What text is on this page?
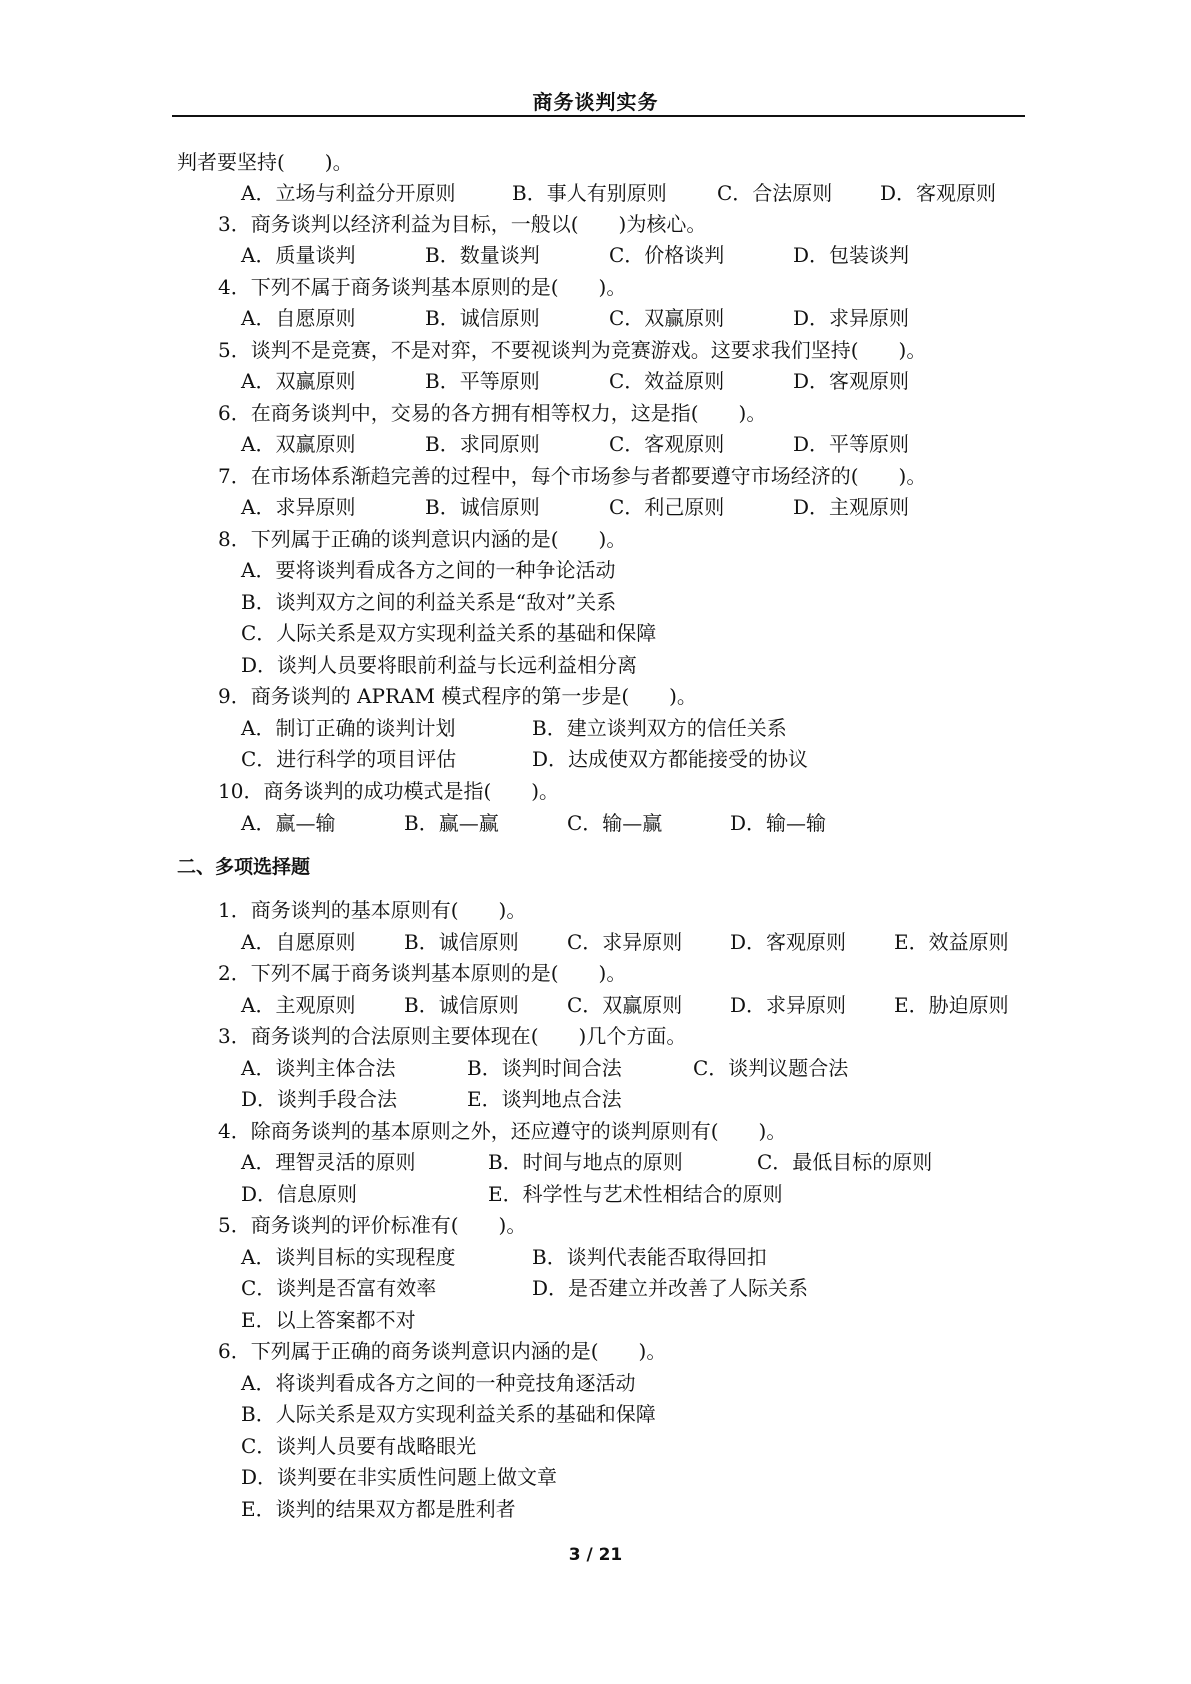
商务谈判实务
判者要坚持(　　)。
A．立场与利益分开原则	B．事人有别原则	C．合法原则 D．客观原则
3．商务谈判以经济利益为目标，一般以(　　)为核心。
A．质量谈判	B．数量谈判	C．价格谈判	D．包装谈判
4．下列不属于商务谈判基本原则的是(　　)。
A．自愿原则	B．诚信原则	C．双赢原则	D．求异原则
5．谈判不是竞赛，不是对弈，不要视谈判为竞赛游戏。这要求我们坚持(　　)。
A．双赢原则	B．平等原则	C．效益原则	D．客观原则
6．在商务谈判中，交易的各方拥有相等权力，这是指(　　)。
A．双赢原则	B．求同原则	C．客观原则	D．平等原则
7．在市场体系渐趋完善的过程中，每个市场参与者都要遵守市场经济的(　　)。
A．求异原则	B．诚信原则	C．利己原则	D．主观原则
8．下列属于正确的谈判意识内涵的是(　　)。
A．要将谈判看成各方之间的一种争论活动
B．谈判双方之间的利益关系是“敌对”关系
C．人际关系是双方实现利益关系的基础和保障
D．谈判人员要将眼前利益与长远利益相分离
9．商务谈判的 APRAM 模式程序的第一步是(　　)。
A．制订正确的谈判计划	B．建立谈判双方的信任关系
C．进行科学的项目评估	D．达成使双方都能接受的协议
10．商务谈判的成功模式是指(　　)。
A．赢—输	B．赢—赢	C．输—赢	D．输—输
二、多项选择题
1．商务谈判的基本原则有(　　)。
A．自愿原则 B．诚信原则 C．求异原则 D．客观原则 E．效益原则
2．下列不属于商务谈判基本原则的是(　　)。
A．主观原则 B．诚信原则 C．双赢原则 D．求异原则 E．胁迫原则
3．商务谈判的合法原则主要体现在(　　)几个方面。
A．谈判主体合法	B．谈判时间合法	C．谈判议题合法
D．谈判手段合法	E．谈判地点合法
4．除商务谈判的基本原则之外，还应遵守的谈判原则有(　　)。
A．理智灵活的原则	B．时间与地点的原则	C．最低目标的原则
D．信息原则	E．科学性与艺术性相结合的原则
5．商务谈判的评价标准有(　　)。
A．谈判目标的实现程度	B．谈判代表能否取得回扣
C．谈判是否富有效率	D．是否建立并改善了人际关系
E．以上答案都不对
6．下列属于正确的商务谈判意识内涵的是(　　)。
A．将谈判看成各方之间的一种竞技角逐活动
B．人际关系是双方实现利益关系的基础和保障
C．谈判人员要有战略眼光
D．谈判要在非实质性问题上做文章
E．谈判的结果双方都是胜利者
3 / 21
